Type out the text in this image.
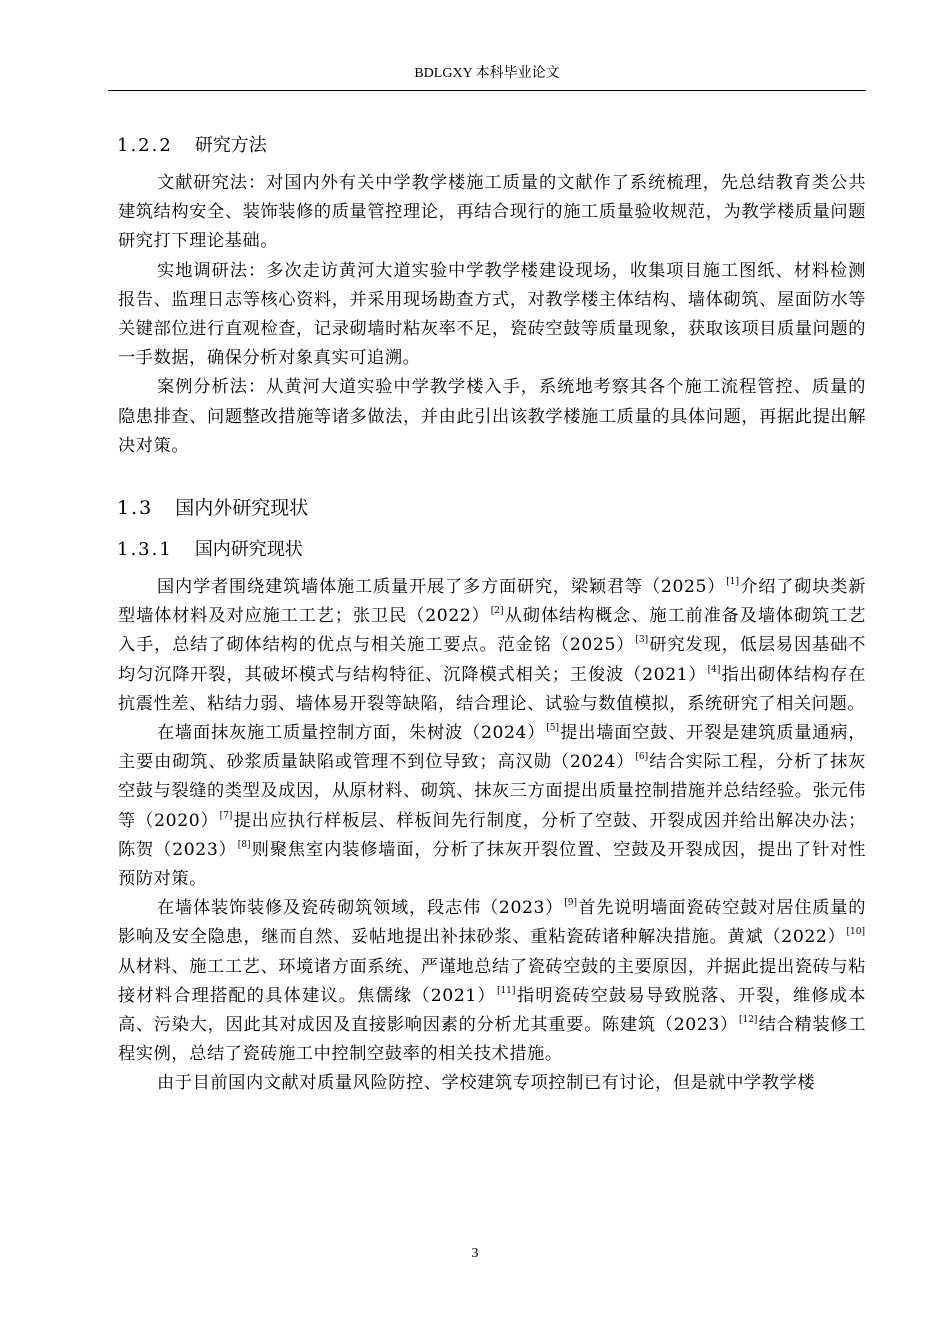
BDLGXY 本科毕业论文
1.2.2 研究方法

文献研究法：对国内外有关中学教学楼施工质量的文献作了系统梳理，先总结教育类公共建筑结构安全、装饰装修的质量管控理论，再结合现行的施工质量验收规范，为教学楼质量问题研究打下理论基础。

实地调研法：多次走访黄河大道实验中学教学楼建设现场，收集项目施工图纸、材料检测报告、监理日志等核心资料，并采用现场勘查方式，对教学楼主体结构、墙体砌筑、屋面防水等关键部位进行直观检查，记录砌墙时粘灰率不足，瓷砖空鼓等质量现象，获取该项目质量问题的一手数据，确保分析对象真实可追溯。

案例分析法：从黄河大道实验中学教学楼入手，系统地考察其各个施工流程管控、质量的隐患排查、问题整改措施等诸多做法，并由此引出该教学楼施工质量的具体问题，再据此提出解决对策。

1.3 国内外研究现状
1.3.1 国内研究现状

国内学者围绕建筑墙体施工质量开展了多方面研究，梁颖君等（2025）[1]介绍了砌块类新型墙体材料及对应施工工艺；张卫民（2022）[2]从砌体结构概念、施工前准备及墙体砌筑工艺入手，总结了砌体结构的优点与相关施工要点。范金铭（2025）[3]研究发现，低层易因基础不均匀沉降开裂，其破坏模式与结构特征、沉降模式相关；王俊波（2021）[4]指出砌体结构存在抗震性差、粘结力弱、墙体易开裂等缺陷，结合理论、试验与数值模拟，系统研究了相关问题。

在墙面抹灰施工质量控制方面，朱树波（2024）[5]提出墙面空鼓、开裂是建筑质量通病，主要由砌筑、砂浆质量缺陷或管理不到位导致；高汉勋（2024）[6]结合实际工程，分析了抹灰空鼓与裂缝的类型及成因，从原材料、砌筑、抹灰三方面提出质量控制措施并总结经验。张元伟等（2020）[7]提出应执行样板层、样板间先行制度，分析了空鼓、开裂成因并给出解决办法；陈贺（2023）[8]则聚焦室内装修墙面，分析了抹灰开裂位置、空鼓及开裂成因，提出了针对性预防对策。

在墙体装饰装修及瓷砖砌筑领域，段志伟（2023）[9]首先说明墙面瓷砖空鼓对居住质量的影响及安全隐患，继而自然、妥帖地提出补抹砂浆、重粘瓷砖诸种解决措施。黄斌（2022）[10]从材料、施工工艺、环境诸方面系统、严谨地总结了瓷砖空鼓的主要原因，并据此提出瓷砖与粘接材料合理搭配的具体建议。焦儒缘（2021）[11]指明瓷砖空鼓易导致脱落、开裂，维修成本高、污染大，因此其对成因及直接影响因素的分析尤其重要。陈建筑（2023）[12]结合精装修工程实例，总结了瓷砖施工中控制空鼓率的相关技术措施。

由于目前国内文献对质量风险防控、学校建筑专项控制已有讨论，但是就中学教学楼

3
